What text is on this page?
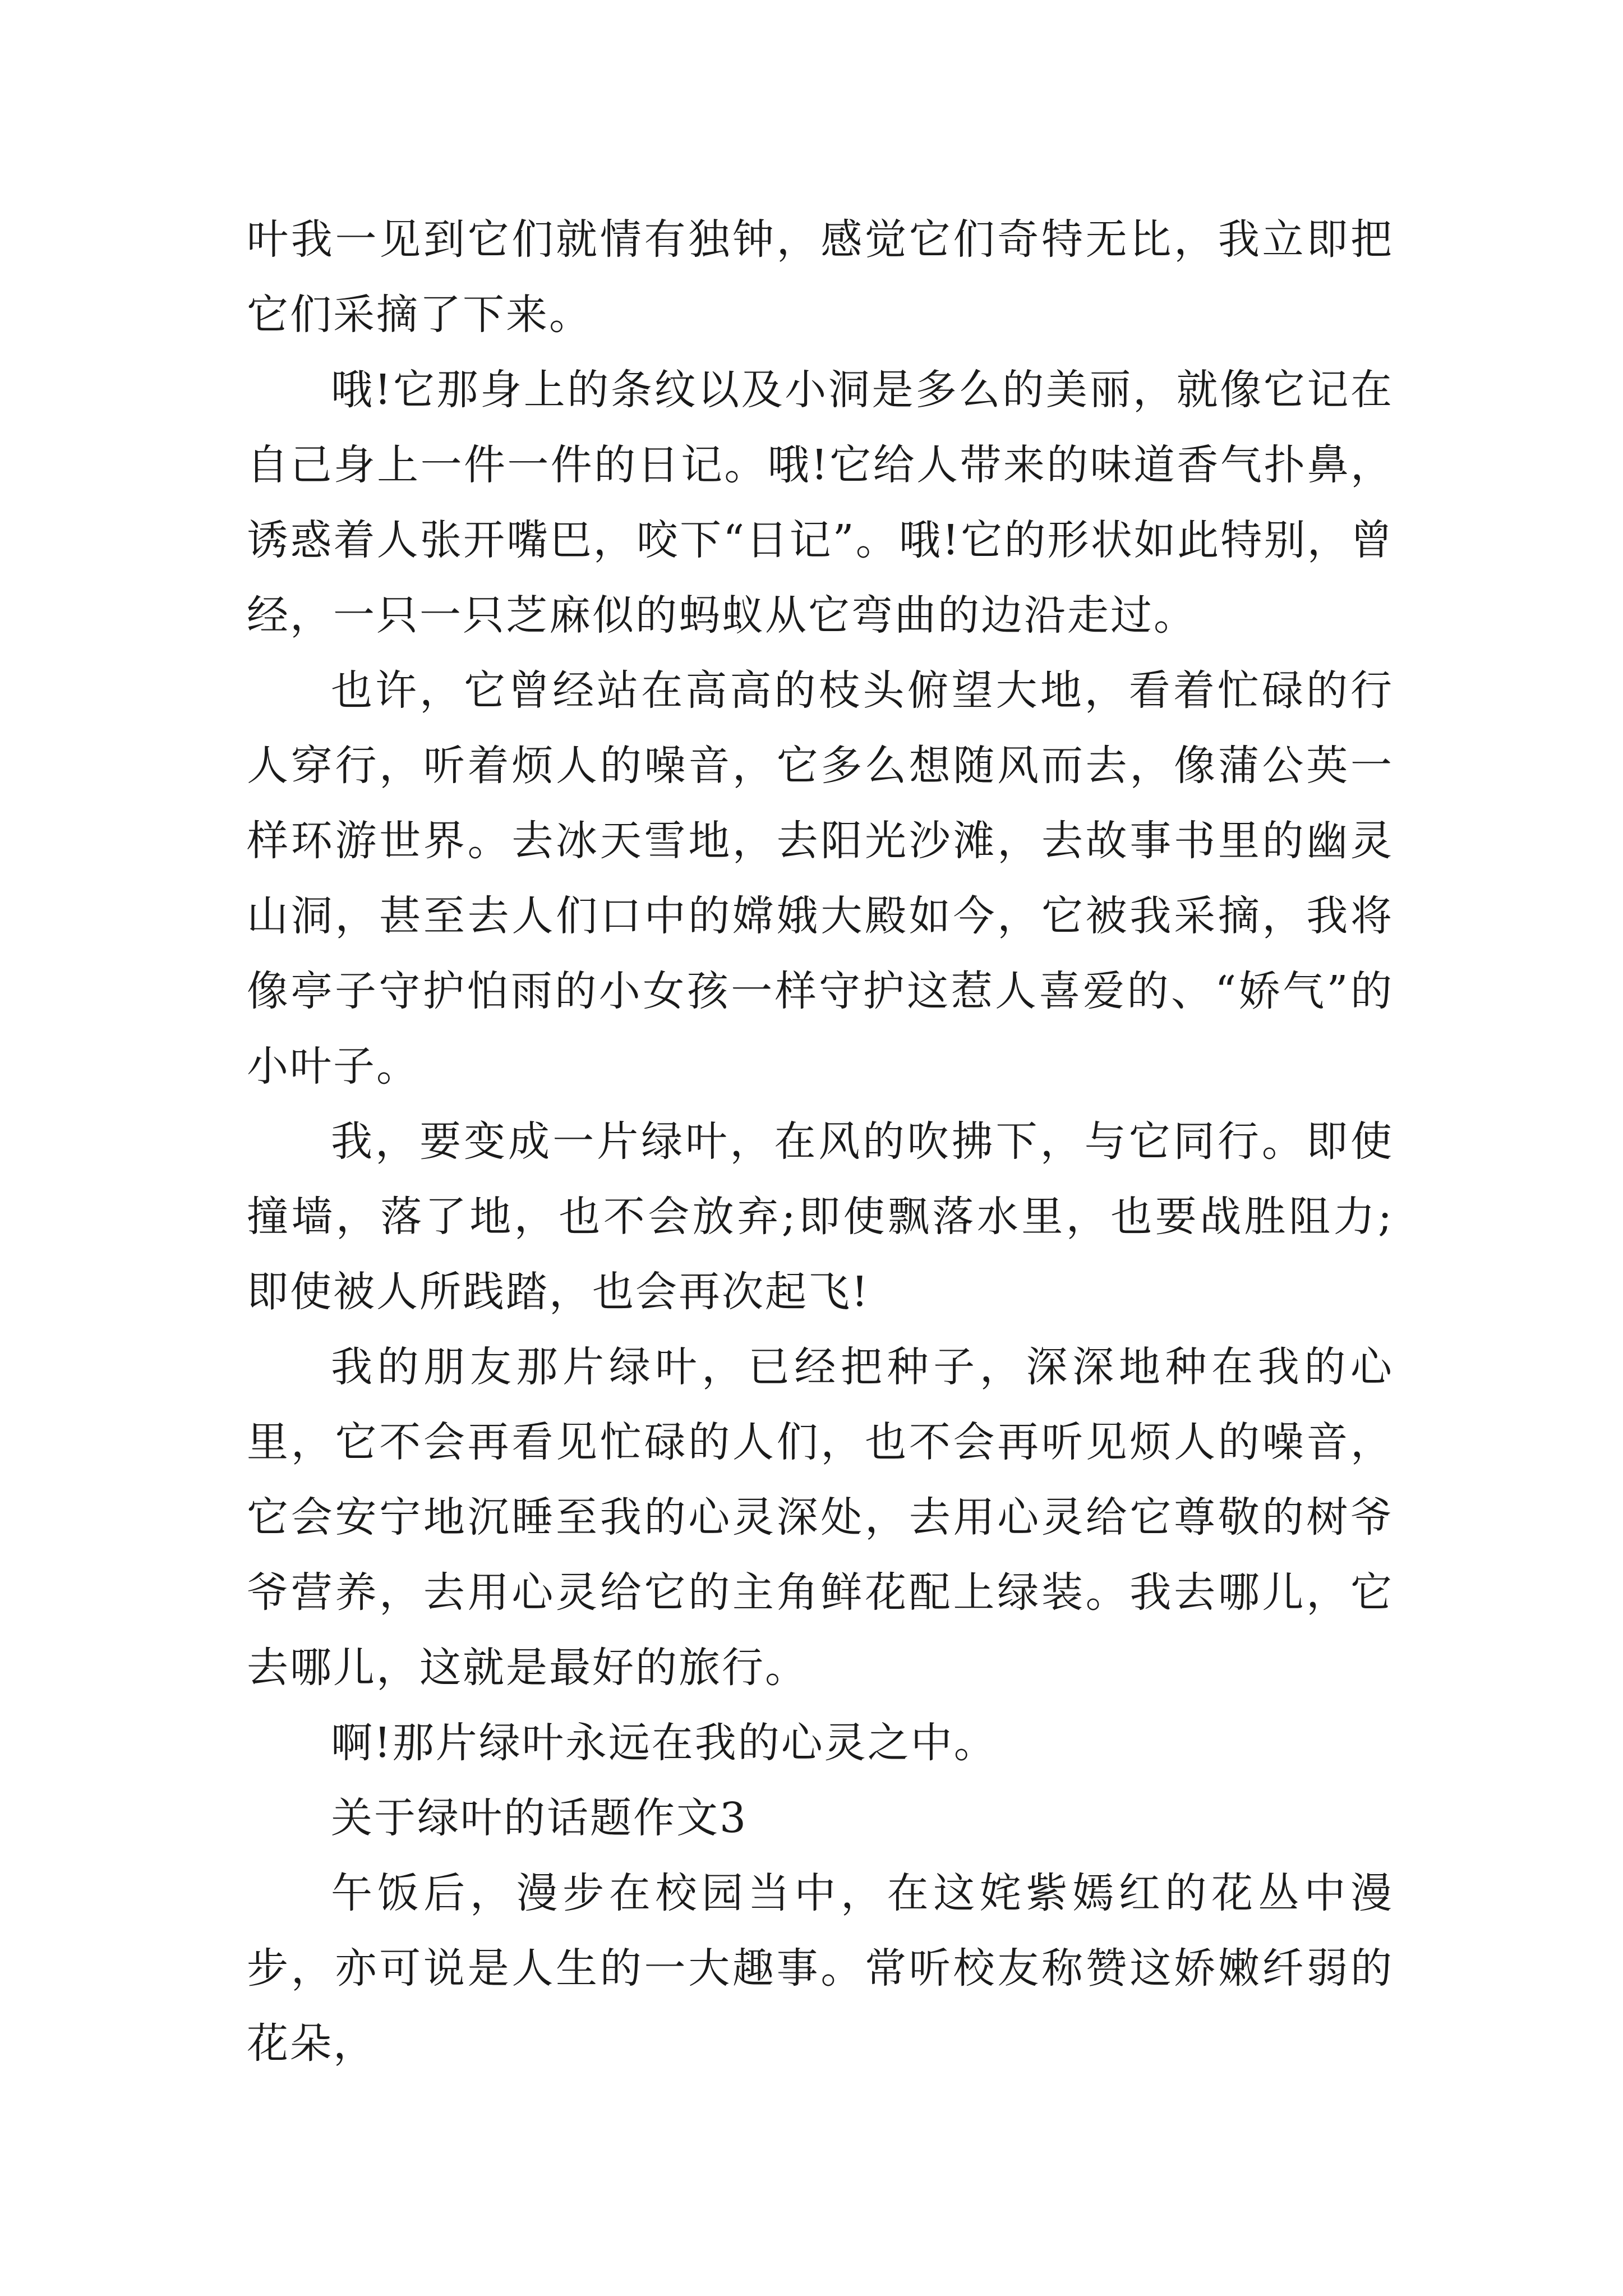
叶我一见到它们就情有独钟，感觉它们奇特无比，我立即把它们采摘了下来。

哦!它那身上的条纹以及小洞是多么的美丽，就像它记在自己身上一件一件的日记。哦!它给人带来的味道香气扑鼻，诱惑着人张开嘴巴，咬下“日记”。哦!它的形状如此特别，曾经，一只一只芝麻似的蚂蚁从它弯曲的边沿走过。

也许，它曾经站在高高的枝头俯望大地，看着忙碌的行人穿行，听着烦人的噪音，它多么想随风而去，像蒲公英一样环游世界。去冰天雪地，去阳光沙滩，去故事书里的幽灵山洞，甚至去人们口中的嫦娥大殿如今，它被我采摘，我将像亭子守护怕雨的小女孩一样守护这惹人喜爱的、“娇气”的小叶子。

我，要变成一片绿叶，在风的吹拂下，与它同行。即使撞墙，落了地，也不会放弃;即使飘落水里，也要战胜阻力;即使被人所践踏，也会再次起飞!

我的朋友那片绿叶，已经把种子，深深地种在我的心里，它不会再看见忙碌的人们，也不会再听见烦人的噪音，它会安宁地沉睡至我的心灵深处，去用心灵给它尊敬的树爷爷营养，去用心灵给它的主角鲜花配上绿装。我去哪儿，它去哪儿，这就是最好的旅行。

啊!那片绿叶永远在我的心灵之中。

关于绿叶的话题作文3

午饭后，漫步在校园当中，在这姹紫嫣红的花丛中漫步，亦可说是人生的一大趣事。常听校友称赞这娇嫩纤弱的花朵，
